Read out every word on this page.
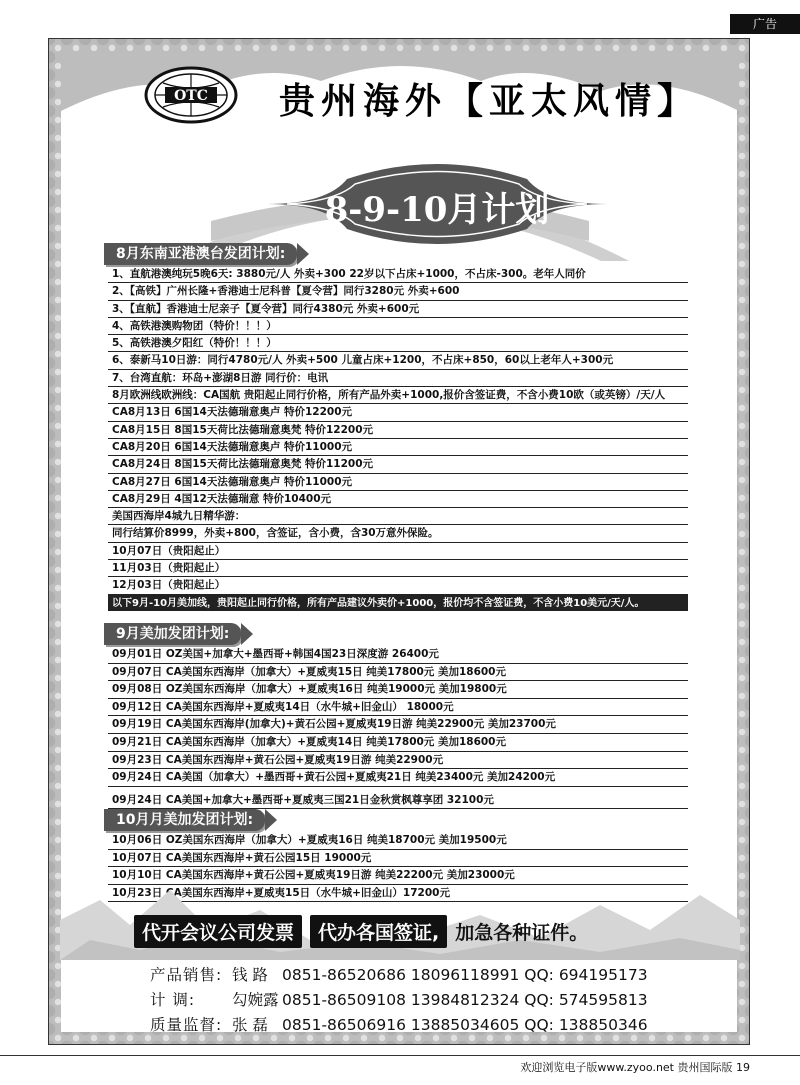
广告
OTC 贵州海外【亚太风情】
8-9-10月计划
8月东南亚港澳台发团计划:
1、直航港澳纯玩5晚6天: 3880元/人 外卖+300 22岁以下占床+1000，不占床-300。老年人同价
2、【高铁】广州长隆+香港迪士尼科普【夏令营】同行3280元 外卖+600
3、【直航】香港迪士尼亲子【夏令营】同行4380元 外卖+600元
4、高铁港澳购物团（特价！！！）
5、高铁港澳夕阳红（特价！！！）
6、泰新马10日游：同行4780元/人 外卖+500 儿童占床+1200，不占床+850，60以上老年人+300元
7、台湾直航：环岛+澎湖8日游 同行价：电讯
8月欧洲线欧洲线：CA国航 贵阳起止同行价格，所有产品外卖+1000,报价含签证费，不含小费10欧（或英镑）/天/人
CA8月13日 6国14天法德瑞意奥卢 特价12200元
CA8月15日 8国15天荷比法德瑞意奥梵 特价12200元
CA8月20日 6国14天法德瑞意奥卢 特价11000元
CA8月24日 8国15天荷比法德瑞意奥梵 特价11200元
CA8月27日 6国14天法德瑞意奥卢 特价11000元
CA8月29日 4国12天法德瑞意 特价10400元
美国西海岸4城九日精华游：
同行结算价8999，外卖+800，含签证，含小费，含30万意外保险。
10月07日（贵阳起止）
11月03日（贵阳起止）
12月03日（贵阳起止）
以下9月-10月美加线，贵阳起止同行价格，所有产品建议外卖价+1000，报价均不含签证费，不含小费10美元/天/人。
9月美加发团计划:
09月01日 OZ美国+加拿大+墨西哥+韩国4国23日深度游 26400元
09月07日 CA美国东西海岸（加拿大）+夏威夷15日 纯美17800元 美加18600元
09月08日 OZ美国东西海岸（加拿大）+夏威夷16日 纯美19000元 美加19800元
09月12日 CA美国东西海岸+夏威夷14日（水牛城+旧金山） 18000元
09月19日 CA美国东西海岸(加拿大)+黄石公园+夏威夷19日游 纯美22900元 美加23700元
09月21日 CA美国东西海岸（加拿大）+夏威夷14日 纯美17800元 美加18600元
09月23日 CA美国东西海岸+黄石公园+夏威夷19日游 纯美22900元
09月24日 CA美国（加拿大）+墨西哥+黄石公园+夏威夷21日 纯美23400元 美加24200元
09月24日 CA美国+加拿大+墨西哥+夏威夷三国21日金秋赏枫尊享团 32100元
10月月美加发团计划:
10月06日 OZ美国东西海岸（加拿大）+夏威夷16日 纯美18700元 美加19500元
10月07日 CA美国东西海岸+黄石公园15日 19000元
10月10日 CA美国东西海岸+黄石公园+夏威夷19日游 纯美22200元 美加23000元
10月23日 CA美国东西海岸+夏威夷15日（水牛城+旧金山）17200元
代开会议公司发票	代办各国签证, 加急各种证件。
产品销售: 钱 路 0851-86520686 18096118991 QQ: 694195173
计 调:	勾婉露 0851-86509108 13984812324 QQ: 574595813
质量监督: 张 磊 0851-86506916 13885034605 QQ: 138850346
欢迎浏览电子版www.zyoo.net 贵州国际版 19
